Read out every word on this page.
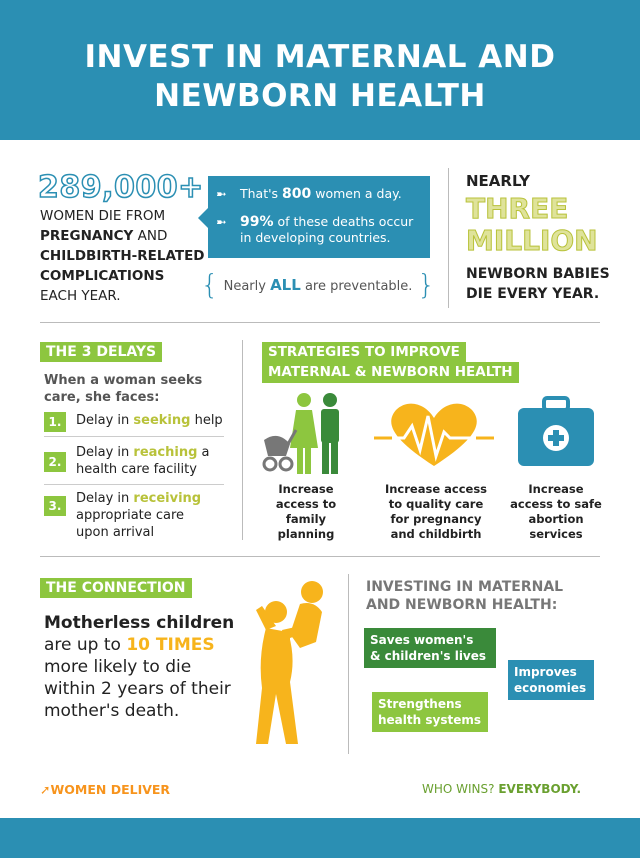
INVEST IN MATERNAL AND
NEWBORN HEALTH
289,000+
WOMEN DIE FROM
PREGNANCY AND
CHILDBIRTH-RELATED
COMPLICATIONS
EACH YEAR.
➼	That's 800 women a day.
➼ 99% of these deaths occur
in developing countries.
{ Nearly ALL are preventable. }
NEARLY
THREE
MILLION
NEWBORN BABIES
DIE EVERY YEAR.
THE 3 DELAYS
When a woman seeks
care, she faces:
1.	Delay in seeking help
2.
Delay in reaching a
health care facility
3.	Delay in receiving
appropriate care
upon arrival
STRATEGIES TO IMPROVE
MATERNAL & NEWBORN HEALTH
Increase
access to
family
planning
Increase access
to quality care
for pregnancy
and childbirth
Increase
access to safe
abortion
services
THE CONNECTION
Motherless children
are up to 10 TIMES
more likely to die
within 2 years of their
mother's death.
INVESTING IN MATERNAL
AND NEWBORN HEALTH:
Saves women's
& children's lives
Improves
economies
Strengthens
health systems
➚WOMEN DELIVER	WHO WINS? EVERYBODY.
